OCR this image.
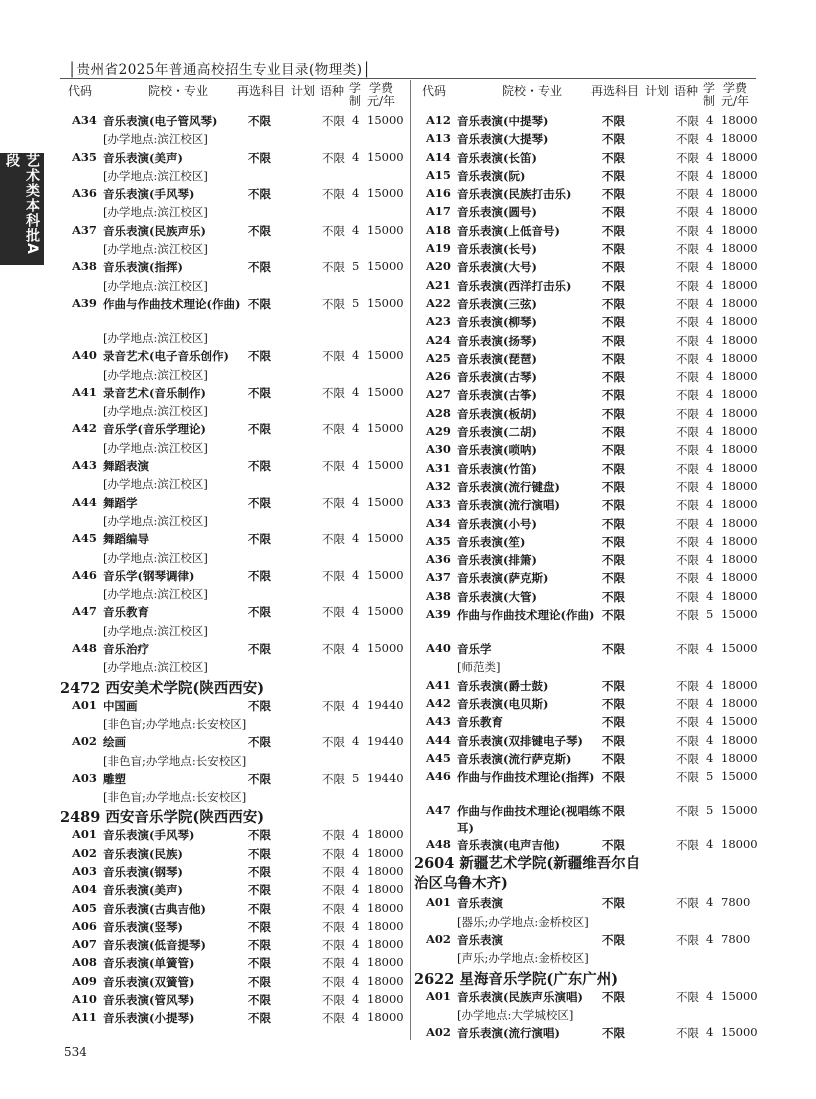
│贵州省2025年普通高校招生专业目录(物理类)│
艺术类本科批A段
代码	院校・专业 再选科目 计划 语种 学
制
学费
元/年
A34 音乐表演(电子管风琴)	不限	不限 4 15000
[办学地点:滨江校区]
A35 音乐表演(美声)	不限	不限 4 15000
[办学地点:滨江校区]
A36 音乐表演(手风琴)	不限	不限 4 15000
[办学地点:滨江校区]
A37 音乐表演(民族声乐)	不限	不限 4 15000
[办学地点:滨江校区]
A38 音乐表演(指挥)	不限	不限 5 15000
[办学地点:滨江校区]
A39 作曲与作曲技术理论(作曲) 不限	不限 5 15000
[办学地点:滨江校区]
A40 录音艺术(电子音乐创作) 不限	不限 4 15000
[办学地点:滨江校区]
A41 录音艺术(音乐制作)	不限	不限 4 15000
[办学地点:滨江校区]
A42 音乐学(音乐学理论)	不限	不限 4 15000
[办学地点:滨江校区]
A43 舞蹈表演	不限	不限 4 15000
[办学地点:滨江校区]
A44 舞蹈学	不限	不限 4 15000
[办学地点:滨江校区]
A45 舞蹈编导	不限	不限 4 15000
[办学地点:滨江校区]
A46 音乐学(钢琴调律)	不限	不限 4 15000
[办学地点:滨江校区]
A47 音乐教育	不限	不限 4 15000
[办学地点:滨江校区]
A48 音乐治疗	不限	不限 4 15000
[办学地点:滨江校区]
2472 西安美术学院(陕西西安)
A01 中国画	不限	不限 4 19440
[非色盲;办学地点:长安校区]
A02 绘画	不限	不限 4 19440
[非色盲;办学地点:长安校区]
A03 雕塑	不限	不限 5 19440
[非色盲;办学地点:长安校区]
2489 西安音乐学院(陕西西安)
A01 音乐表演(手风琴)	不限	不限 4 18000
A02 音乐表演(民族)	不限	不限 4 18000
A03 音乐表演(钢琴)	不限	不限 4 18000
A04 音乐表演(美声)	不限	不限 4 18000
A05 音乐表演(古典吉他)	不限	不限 4 18000
A06 音乐表演(竖琴)	不限	不限 4 18000
A07 音乐表演(低音提琴)	不限	不限 4 18000
A08 音乐表演(单簧管)	不限	不限 4 18000
A09 音乐表演(双簧管)	不限	不限 4 18000
A10 音乐表演(管风琴)	不限	不限 4 18000
A11 音乐表演(小提琴)	不限	不限 4 18000
代码	院校・专业 再选科目 计划 语种 学
制
学费
元/年
A12 音乐表演(中提琴)	不限	不限 4 18000
A13 音乐表演(大提琴)	不限	不限 4 18000
A14 音乐表演(长笛)	不限	不限 4 18000
A15 音乐表演(阮)	不限	不限 4 18000
A16 音乐表演(民族打击乐)	不限	不限 4 18000
A17 音乐表演(圆号)	不限	不限 4 18000
A18 音乐表演(上低音号)	不限	不限 4 18000
A19 音乐表演(长号)	不限	不限 4 18000
A20 音乐表演(大号)	不限	不限 4 18000
A21 音乐表演(西洋打击乐)	不限	不限 4 18000
A22 音乐表演(三弦)	不限	不限 4 18000
A23 音乐表演(柳琴)	不限	不限 4 18000
A24 音乐表演(扬琴)	不限	不限 4 18000
A25 音乐表演(琵琶)	不限	不限 4 18000
A26 音乐表演(古琴)	不限	不限 4 18000
A27 音乐表演(古筝)	不限	不限 4 18000
A28 音乐表演(板胡)	不限	不限 4 18000
A29 音乐表演(二胡)	不限	不限 4 18000
A30 音乐表演(唢呐)	不限	不限 4 18000
A31 音乐表演(竹笛)	不限	不限 4 18000
A32 音乐表演(流行键盘)	不限	不限 4 18000
A33 音乐表演(流行演唱)	不限	不限 4 18000
A34 音乐表演(小号)	不限	不限 4 18000
A35 音乐表演(笙)	不限	不限 4 18000
A36 音乐表演(排箫)	不限	不限 4 18000
A37 音乐表演(萨克斯)	不限	不限 4 18000
A38 音乐表演(大管)	不限	不限 4 18000
A39 作曲与作曲技术理论(作曲) 不限	不限 5 15000
A40 音乐学	不限	不限 4 15000
[师范类]
A41 音乐表演(爵士鼓)	不限	不限 4 18000
A42 音乐表演(电贝斯)	不限	不限 4 18000
A43 音乐教育	不限	不限 4 15000
A44 音乐表演(双排键电子琴) 不限	不限 4 18000
A45 音乐表演(流行萨克斯)	不限	不限 4 18000
A46 作曲与作曲技术理论(指挥) 不限	不限 5 15000
A47 作曲与作曲技术理论(视唱练耳)
不限	不限 5 15000
A48 音乐表演(电声吉他)	不限	不限 4 18000
2604 新疆艺术学院(新疆维吾尔自治区乌鲁木齐)
A01 音乐表演	不限	不限 4 7800
[器乐;办学地点:金桥校区]
A02 音乐表演	不限	不限 4 7800
[声乐;办学地点:金桥校区]
2622 星海音乐学院(广东广州)
A01 音乐表演(民族声乐演唱) 不限	不限 4 15000
[办学地点:大学城校区]
A02 音乐表演(流行演唱)	不限	不限 4 15000
534
